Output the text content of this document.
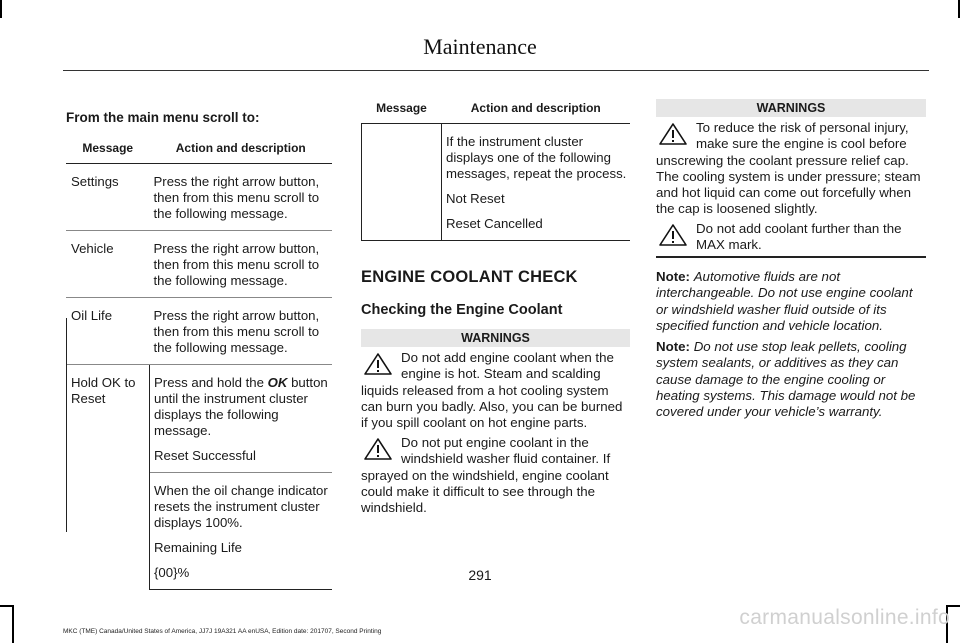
Maintenance
From the main menu scroll to:
Message	Action and description
Settings	Press the right arrow button, then from this menu scroll to the following message.

Vehicle	Press the right arrow button, then from this menu scroll to the following message.

Oil Life	Press the right arrow button, then from this menu scroll to the following message.

Hold OK to Reset	Press and hold the OK button until the instrument cluster displays the following message.

Reset Successful

	When the oil change indicator resets the instrument cluster displays 100%.

Remaining Life

{00}%

Message	Action and description

	If the instrument cluster displays one of the following messages, repeat the process.

Not Reset

Reset Cancelled

ENGINE COOLANT CHECK
Checking the Engine Coolant
WARNINGS
Do not add engine coolant when the engine is hot. Steam and scalding liquids released from a hot cooling system can burn you badly. Also, you can be burned if you spill coolant on hot engine parts.
Do not put engine coolant in the windshield washer fluid container. If sprayed on the windshield, engine coolant could make it difficult to see through the windshield.
WARNINGS
To reduce the risk of personal injury, make sure the engine is cool before unscrewing the coolant pressure relief cap. The cooling system is under pressure; steam and hot liquid can come out forcefully when the cap is loosened slightly.
Do not add coolant further than the MAX mark.
Note: Automotive fluids are not interchangeable. Do not use engine coolant or windshield washer fluid outside of its specified function and vehicle location.
Note: Do not use stop leak pellets, cooling system sealants, or additives as they can cause damage to the engine cooling or heating systems. This damage would not be covered under your vehicle’s warranty.
291
MKC (TME) Canada/United States of America, JJ7J 19A321 AA enUSA, Edition date: 201707, Second Printing
carmanualsonline.info
